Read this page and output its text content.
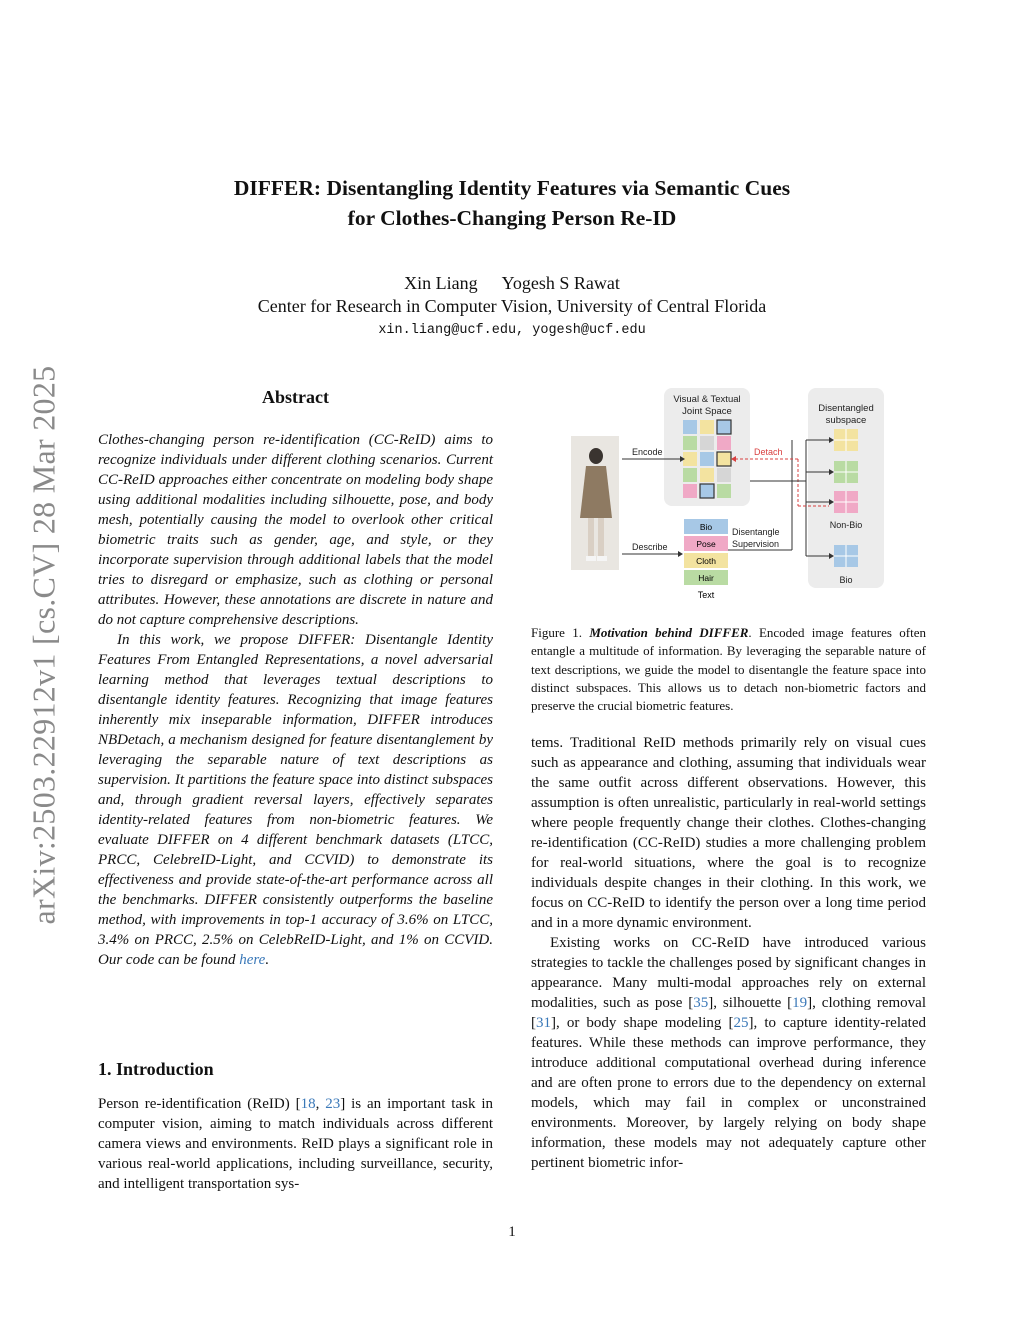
arXiv:2503.22912v1 [cs.CV] 28 Mar 2025
DIFFER: Disentangling Identity Features via Semantic Cues
for Clothes-Changing Person Re-ID
Xin Liang Yogesh S Rawat
Center for Research in Computer Vision, University of Central Florida
xin.liang@ucf.edu, yogesh@ucf.edu
Abstract

Clothes-changing person re-identification (CC-ReID) aims to recognize individuals under different clothing scenarios. Current CC-ReID approaches either concentrate on modeling body shape using additional modalities including silhouette, pose, and body mesh, potentially causing the model to overlook other critical biometric traits such as gender, age, and style, or they incorporate supervision through additional labels that the model tries to disregard or emphasize, such as clothing or personal attributes. However, these annotations are discrete in nature and do not capture comprehensive descriptions.

In this work, we propose DIFFER: Disentangle Identity Features From Entangled Representations, a novel adversarial learning method that leverages textual descriptions to disentangle identity features. Recognizing that image features inherently mix inseparable information, DIFFER introduces NBDetach, a mechanism designed for feature disentanglement by leveraging the separable nature of text descriptions as supervision. It partitions the feature space into distinct subspaces and, through gradient reversal layers, effectively separates identity-related features from non-biometric features. We evaluate DIFFER on 4 different benchmark datasets (LTCC, PRCC, CelebreID-Light, and CCVID) to demonstrate its effectiveness and provide state-of-the-art performance across all the benchmarks. DIFFER consistently outperforms the baseline method, with improvements in top-1 accuracy of 3.6% on LTCC, 3.4% on PRCC, 2.5% on CelebReID-Light, and 1% on CCVID. Our code can be found here.

1. Introduction

Person re-identification (ReID) [18, 23] is an important task in computer vision, aiming to match individuals across different camera views and environments. ReID plays a significant role in various real-world applications, including surveillance, security, and intelligent transportation sys-

Visual & Textual
Joint Space
Encode
Describe
Bio
Pose
Cloth
Hair
Text
Disentangle
Supervision
Detach
Disentangled
subspace
Non-Bio
Bio
Figure 1. Motivation behind DIFFER. Encoded image features often entangle a multitude of information. By leveraging the separable nature of text descriptions, we guide the model to disentangle the feature space into distinct subspaces. This allows us to detach non-biometric factors and preserve the crucial biometric features.

tems. Traditional ReID methods primarily rely on visual cues such as appearance and clothing, assuming that individuals wear the same outfit across different observations. However, this assumption is often unrealistic, particularly in real-world settings where people frequently change their clothes. Clothes-changing re-identification (CC-ReID) studies a more challenging problem for real-world situations, where the goal is to recognize individuals despite changes in their clothing. In this work, we focus on CC-ReID to identify the person over a long time period and in a more dynamic environment.

Existing works on CC-ReID have introduced various strategies to tackle the challenges posed by significant changes in appearance. Many multi-modal approaches rely on external modalities, such as pose [35], silhouette [19], clothing removal [31], or body shape modeling [25], to capture identity-related features. While these methods can improve performance, they introduce additional computational overhead during inference and are often prone to errors due to the dependency on external models, which may fail in complex or unconstrained environments. Moreover, by largely relying on body shape information, these models may not adequately capture other pertinent biometric infor-

1
